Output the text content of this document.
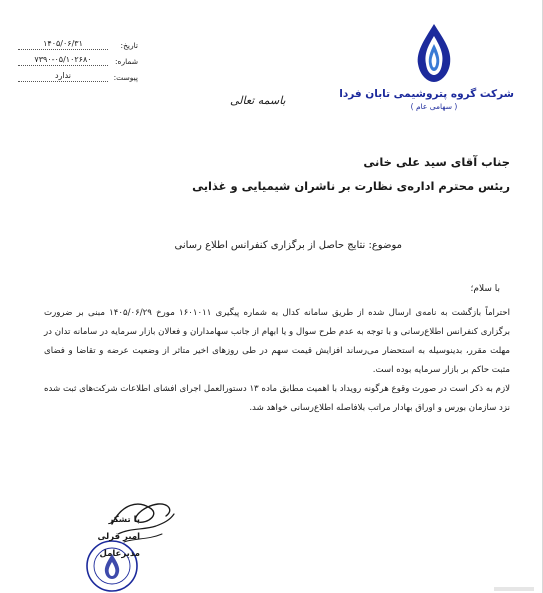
۱۴۰۵/۰۶/۳۱	تاریخ:
۷۳۹۰-۰۵/۱۰۲۶۸۰	شماره:
ندارد	پیوست:
شرکت گروه پتروشیمی تابان فردا
( سهامی عام )
باسمه تعالی
جناب آقای سید علی خانی
ریئس محترم اداره‌ی نظارت بر ناشران شیمیایی و غذایی
موضوع: نتایج حاصل از برگزاری کنفرانس اطلاع رسانی
با سلام؛

احتراماً بازگشت به نامه‌ی ارسال شده از طریق سامانه کدال به شماره پیگیری ۱۶۰۱۰۱۱ مورخ ۱۴۰۵/۰۶/۲۹ مبنی بر ضرورت برگزاری کنفرانس اطلاع‌رسانی و با توجه به عدم طرح سوال و یا ابهام از جانب سهامداران و فعالان بازار سرمایه در سامانه تدان در مهلت مقرر، بدینوسیله به استحضار می‌رساند افزایش قیمت سهم در طی روزهای اخیر متاثر از وضعیت عرضه و تقاضا و فضای مثبت حاکم بر بازار سرمایه بوده است.

لازم به ذکر است در صورت وقوع هرگونه رویداد با اهمیت مطابق ماده ۱۳ دستورالعمل اجرای افشای اطلاعات شرکت‌های ثبت شده نزد سازمان بورس و اوراق بهادار مراتب بلافاصله اطلاع‌رسانی خواهد شد.

با تشکر
امیر قرلی
مدیرعامل
